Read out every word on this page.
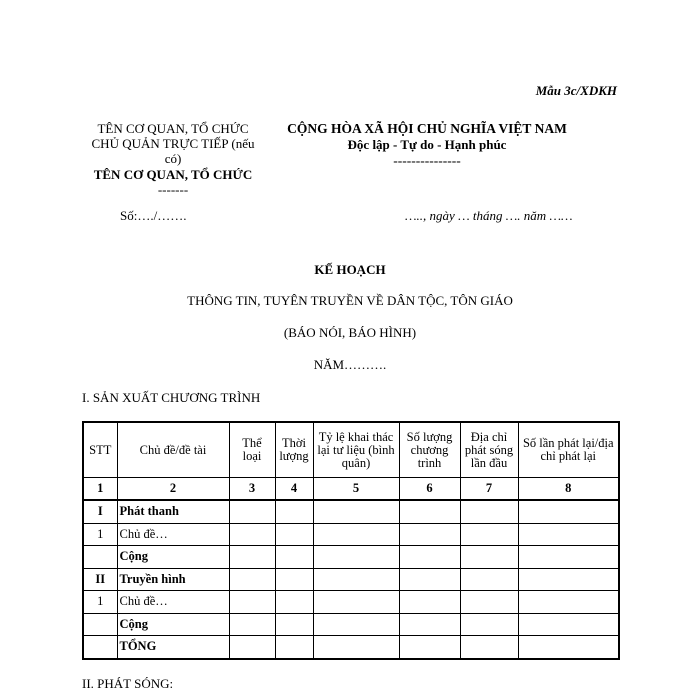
Mẫu 3c/XDKH
TÊN CƠ QUAN, TỔ CHỨC
CHỦ QUẢN TRỰC TIẾP (nếu
có)
TÊN CƠ QUAN, TỔ CHỨC
-------
CỘNG HÒA XÃ HỘI CHỦ NGHĨA VIỆT NAM
Độc lập - Tự do - Hạnh phúc
---------------
Số:…./…….	….., ngày … tháng …. năm ……
KẾ HOẠCH
THÔNG TIN, TUYÊN TRUYỀN VỀ DÂN TỘC, TÔN GIÁO
(BÁO NÓI, BÁO HÌNH)
NĂM……….
I. SẢN XUẤT CHƯƠNG TRÌNH
STT	Chủ đề/đề tài	Thể loại	Thời lượng	Tỷ lệ khai thác lại tư liệu (bình quân)	Số lượng chương trình	Địa chỉ phát sóng lần đầu	Số lần phát lại/địa chỉ phát lại
1	2	3	4	5	6	7	8
I	Phát thanh						
1	Chủ đề…						
	Cộng						
II	Truyền hình						
1	Chủ đề…						
	Cộng						
	TỔNG						
II. PHÁT SÓNG:
